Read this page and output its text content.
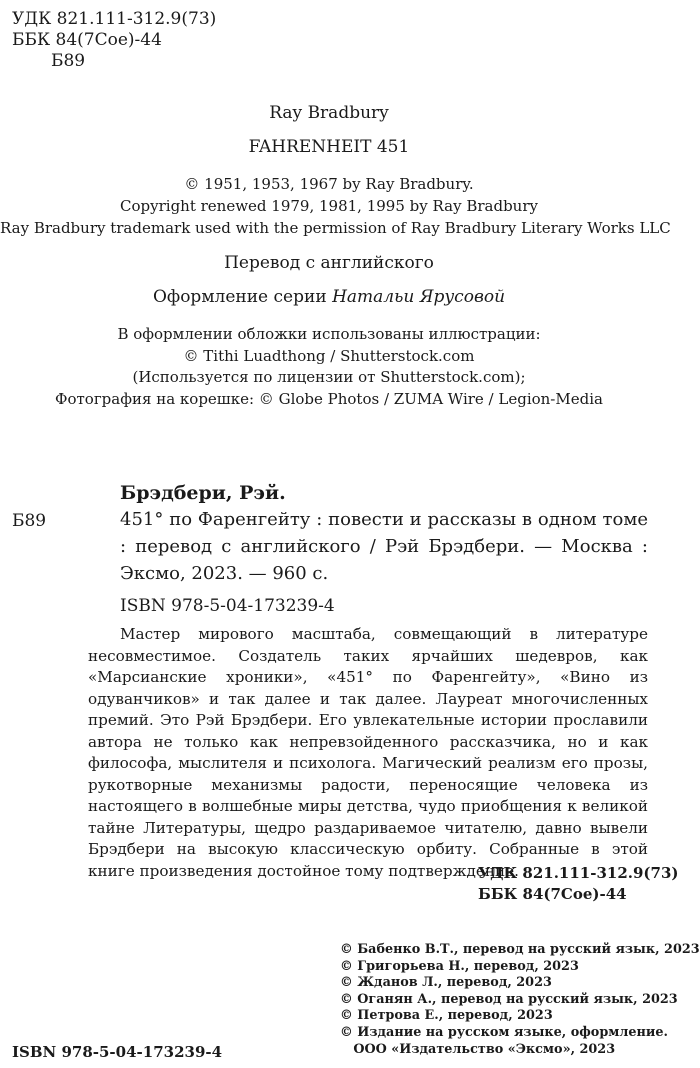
УДК 821.111-312.9(73)
ББК 84(7Сое)-44
Б89
Ray Bradbury
FAHRENHEIT 451
© 1951, 1953, 1967 by Ray Bradbury.
Copyright renewed 1979, 1981, 1995 by Ray Bradbury
Ray Bradbury trademark used with the permission of Ray Bradbury Literary Works LLC
Перевод с английского
Оформление серии Натальи Ярусовой
В оформлении обложки использованы иллюстрации:
© Tithi Luadthong / Shutterstock.com
(Используется по лицензии от Shutterstock.com);
Фотография на корешке: © Globe Photos / ZUMA Wire / Legion-Media
Брэдбери, Рэй.
Б89	451° по Фаренгейту : повести и рассказы в одном томе : перевод с английского / Рэй Брэдбери. — Москва : Эксмо, 2023. — 960 с.
ISBN 978-5-04-173239-4

Мастер мирового масштаба, совмещающий в литературе несовместимое. Создатель таких ярчайших шедевров, как «Марсианские хроники», «451° по Фаренгейту», «Вино из одуванчиков» и так далее и так далее. Лауреат многочисленных премий. Это Рэй Брэдбери. Его увлекательные истории прославили автора не только как непревзойденного рассказчика, но и как философа, мыслителя и психолога. Магический реализм его прозы, рукотворные механизмы радости, переносящие человека из настоящего в волшебные миры детства, чудо приобщения к великой тайне Литературы, щедро раздариваемое читателю, давно вывели Брэдбери на высокую классическую орбиту. Собранные в этой книге произведения достойное тому подтверждение.

УДК 821.111-312.9(73)
ББК 84(7Сое)-44
© Бабенко В.Т., перевод на русский язык, 2023
© Григорьева Н., перевод, 2023
© Жданов Л., перевод, 2023
© Оганян А., перевод на русский язык, 2023
© Петрова Е., перевод, 2023
© Издание на русском языке, оформление.
ООО «Издательство «Эксмо», 2023
ISBN 978-5-04-173239-4
